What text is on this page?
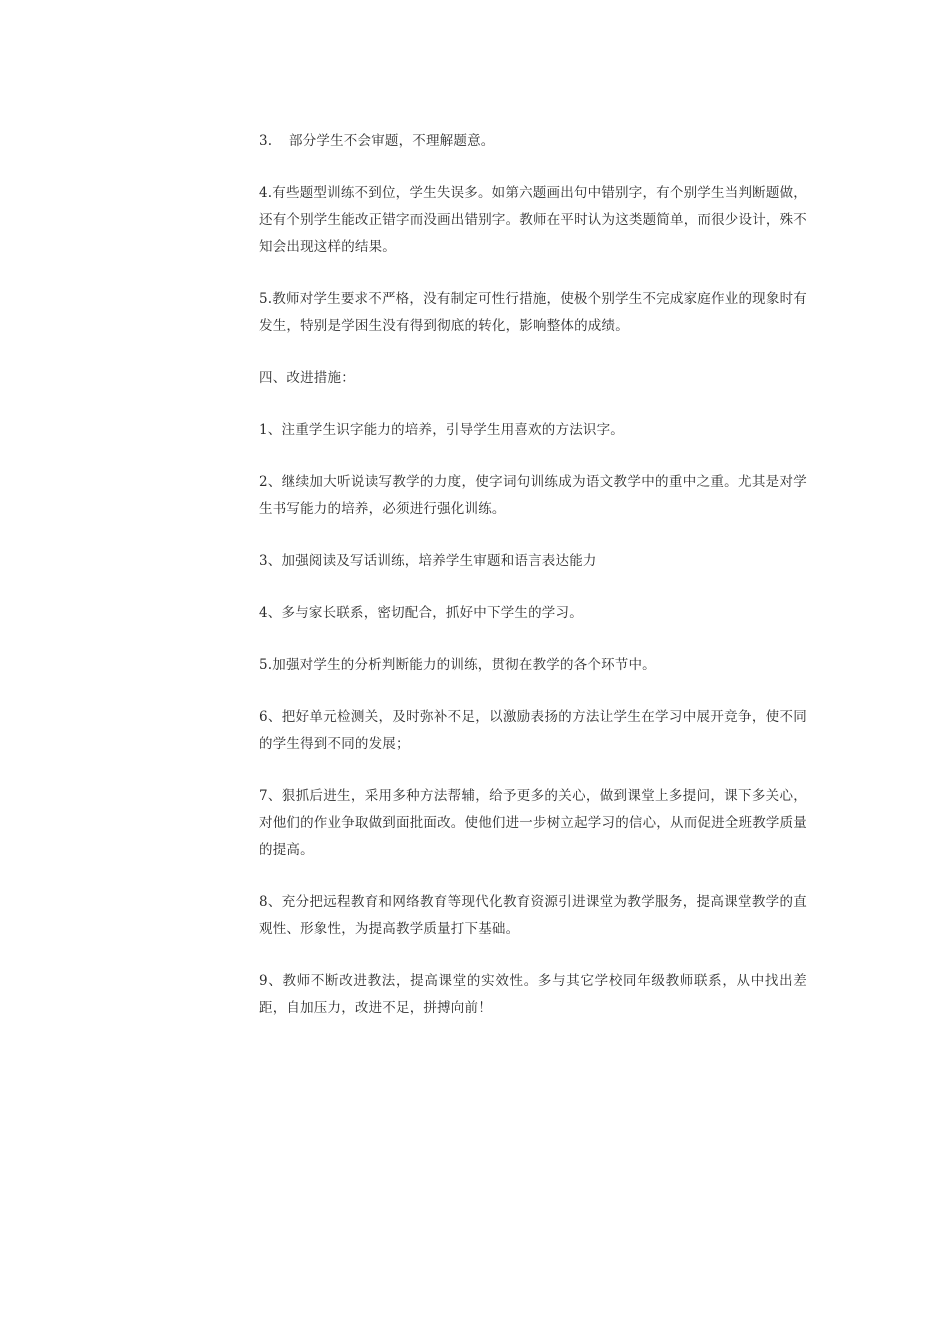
3. 部分学生不会审题，不理解题意。

4.有些题型训练不到位，学生失误多。如第六题画出句中错别字，有个别学生当判断题做，还有个别学生能改正错字而没画出错别字。教师在平时认为这类题简单，而很少设计，殊不知会出现这样的结果。

5.教师对学生要求不严格，没有制定可性行措施，使极个别学生不完成家庭作业的现象时有发生，特别是学困生没有得到彻底的转化，影响整体的成绩。

四、改进措施：

1、注重学生识字能力的培养，引导学生用喜欢的方法识字。

2、继续加大听说读写教学的力度，使字词句训练成为语文教学中的重中之重。尤其是对学生书写能力的培养，必须进行强化训练。

3、加强阅读及写话训练，培养学生审题和语言表达能力

4、多与家长联系，密切配合，抓好中下学生的学习。

5.加强对学生的分析判断能力的训练，贯彻在教学的各个环节中。

6、把好单元检测关，及时弥补不足，以激励表扬的方法让学生在学习中展开竞争，使不同的学生得到不同的发展；

7、狠抓后进生，采用多种方法帮辅，给予更多的关心，做到课堂上多提问，课下多关心，对他们的作业争取做到面批面改。使他们进一步树立起学习的信心，从而促进全班教学质量的提高。

8、充分把远程教育和网络教育等现代化教育资源引进课堂为教学服务，提高课堂教学的直观性、形象性，为提高教学质量打下基础。

9、教师不断改进教法，提高课堂的实效性。多与其它学校同年级教师联系，从中找出差距，自加压力，改进不足，拼搏向前！
